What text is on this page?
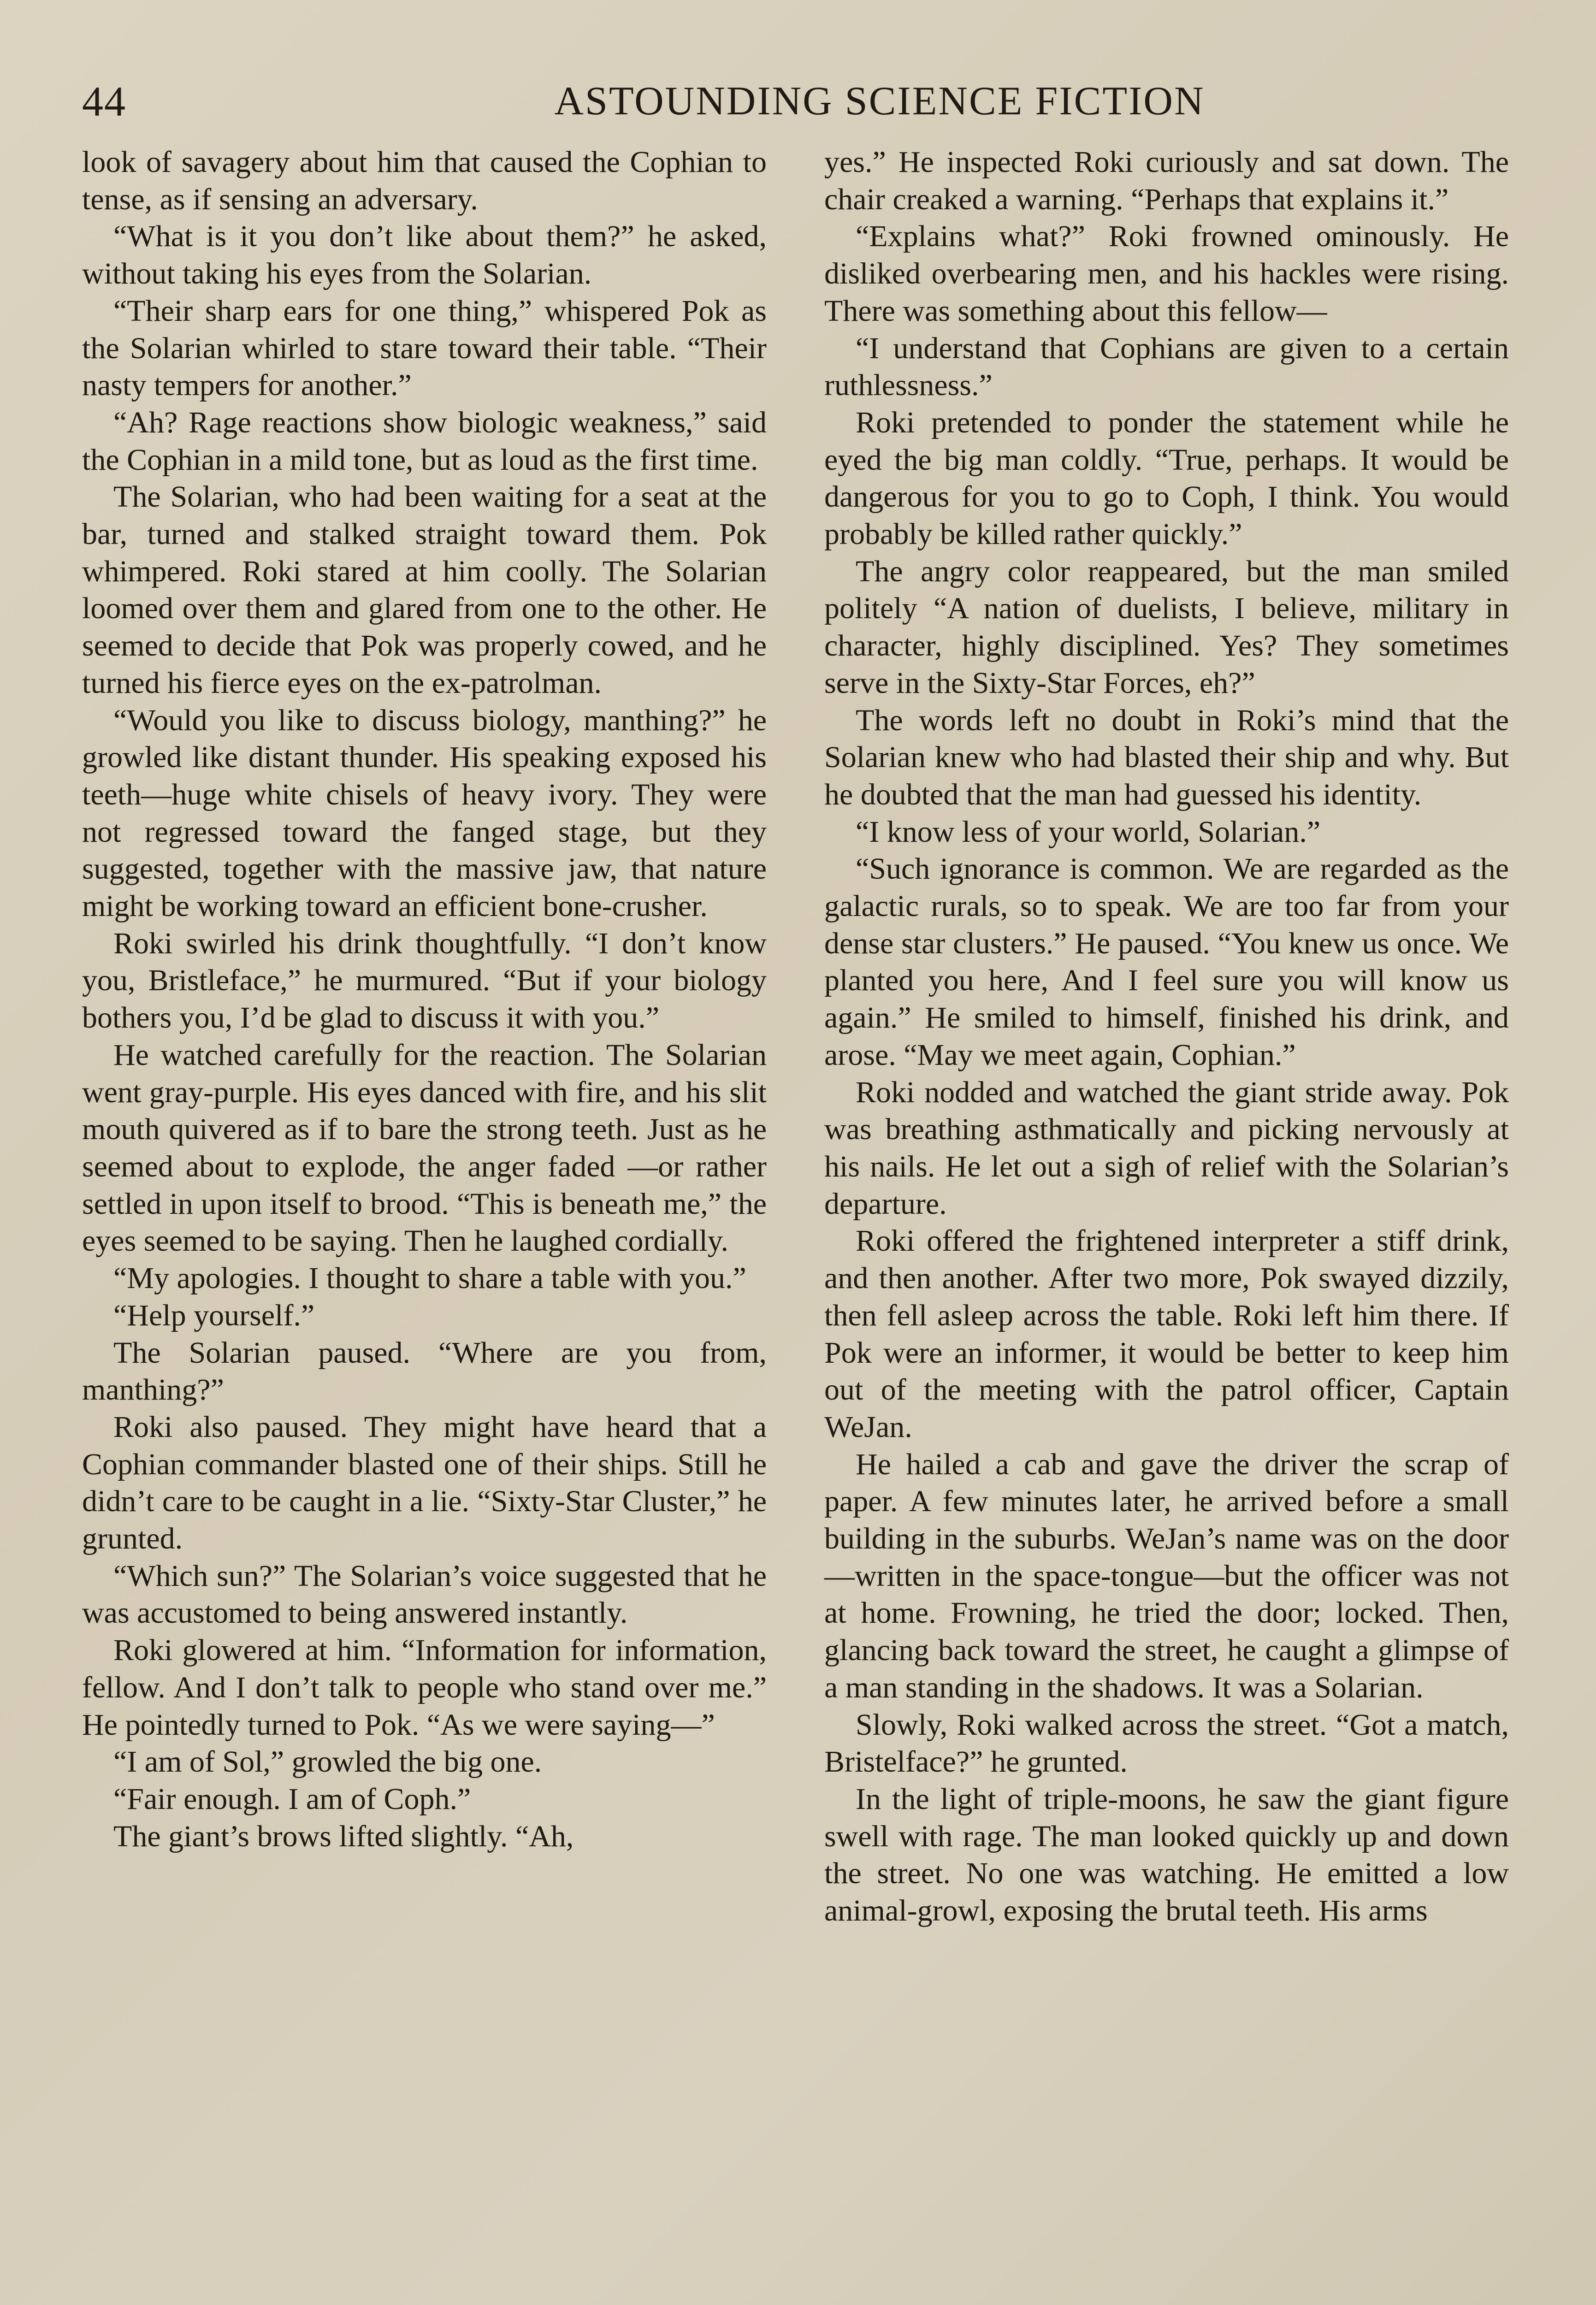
44	ASTOUNDING SCIENCE FICTION

look of savagery about him that caused the Cophian to tense, as if sensing an adversary.

“What is it you don’t like about them?” he asked, without taking his eyes from the Solarian.

“Their sharp ears for one thing,” whispered Pok as the Solarian whirled to stare toward their table. “Their nasty tempers for another.”

“Ah? Rage reactions show biologic weakness,” said the Cophian in a mild tone, but as loud as the first time.

The Solarian, who had been waiting for a seat at the bar, turned and stalked straight toward them. Pok whimpered. Roki stared at him coolly. The Solarian loomed over them and glared from one to the other. He seemed to decide that Pok was properly cowed, and he turned his fierce eyes on the ex-patrolman.

“Would you like to discuss biology, manthing?” he growled like distant thunder. His speaking exposed his teeth—huge white chisels of heavy ivory. They were not regressed toward the fanged stage, but they suggested, together with the massive jaw, that nature might be working toward an efficient bone-crusher.

Roki swirled his drink thoughtfully. “I don’t know you, Bristleface,” he murmured. “But if your biology bothers you, I’d be glad to discuss it with you.”

He watched carefully for the reaction. The Solarian went gray-purple. His eyes danced with fire, and his slit mouth quivered as if to bare the strong teeth. Just as he seemed about to explode, the anger faded —or rather settled in upon itself to brood. “This is beneath me,” the eyes seemed to be saying. Then he laughed cordially.

“My apologies. I thought to share a table with you.”

“Help yourself.”

The Solarian paused. “Where are you from, manthing?”

Roki also paused. They might have heard that a Cophian commander blasted one of their ships. Still he didn’t care to be caught in a lie. “Sixty-Star Cluster,” he grunted.

“Which sun?” The Solarian’s voice suggested that he was accustomed to being answered instantly.

Roki glowered at him. “Information for information, fellow. And I don’t talk to people who stand over me.” He pointedly turned to Pok. “As we were saying—”

“I am of Sol,” growled the big one.

“Fair enough. I am of Coph.”

The giant’s brows lifted slightly. “Ah,

yes.” He inspected Roki curiously and sat down. The chair creaked a warning. “Perhaps that explains it.”

“Explains what?” Roki frowned ominously. He disliked overbearing men, and his hackles were rising. There was something about this fellow—

“I understand that Cophians are given to a certain ruthlessness.”

Roki pretended to ponder the statement while he eyed the big man coldly. “True, perhaps. It would be dangerous for you to go to Coph, I think. You would probably be killed rather quickly.”

The angry color reappeared, but the man smiled politely “A nation of duelists, I believe, military in character, highly disciplined. Yes? They sometimes serve in the Sixty-Star Forces, eh?”

The words left no doubt in Roki’s mind that the Solarian knew who had blasted their ship and why. But he doubted that the man had guessed his identity.

“I know less of your world, Solarian.”

“Such ignorance is common. We are regarded as the galactic rurals, so to speak. We are too far from your dense star clusters.” He paused. “You knew us once. We planted you here, And I feel sure you will know us again.” He smiled to himself, finished his drink, and arose. “May we meet again, Cophian.”

Roki nodded and watched the giant stride away. Pok was breathing asthmatically and picking nervously at his nails. He let out a sigh of relief with the Solarian’s departure.

Roki offered the frightened interpreter a stiff drink, and then another. After two more, Pok swayed dizzily, then fell asleep across the table. Roki left him there. If Pok were an informer, it would be better to keep him out of the meeting with the patrol officer, Captain WeJan.

He hailed a cab and gave the driver the scrap of paper. A few minutes later, he arrived before a small building in the suburbs. WeJan’s name was on the door—written in the space-tongue—but the officer was not at home. Frowning, he tried the door; locked. Then, glancing back toward the street, he caught a glimpse of a man standing in the shadows. It was a Solarian.

Slowly, Roki walked across the street. “Got a match, Bristelface?” he grunted.

In the light of triple-moons, he saw the giant figure swell with rage. The man looked quickly up and down the street. No one was watching. He emitted a low animal-growl, exposing the brutal teeth. His arms
